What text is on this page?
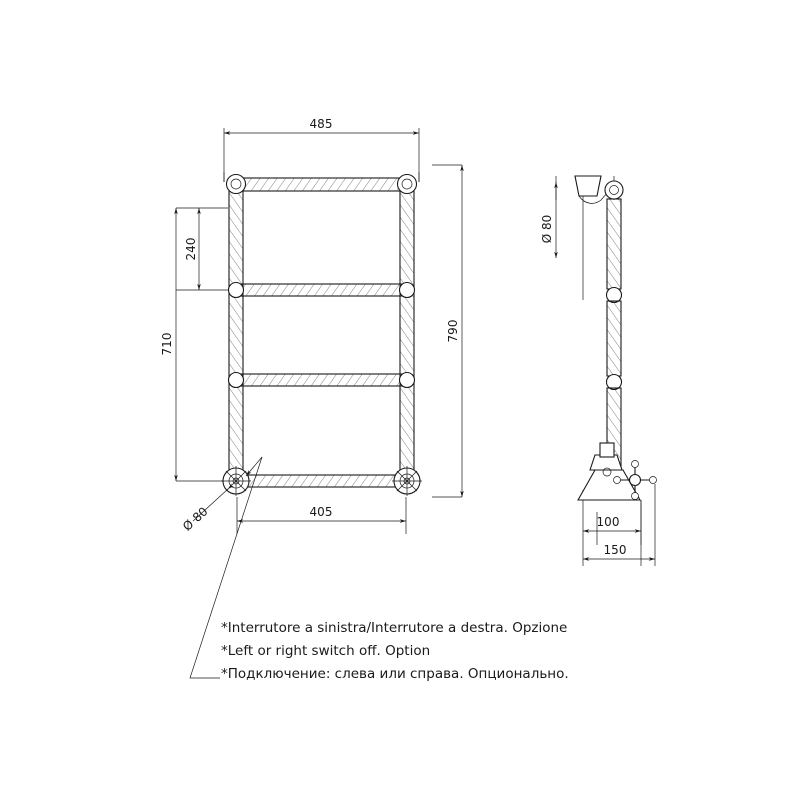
485
240
710
790
405
Ø 80
Ø 80
100
150
*Interrutore a sinistra/Interrutore a destra. Opzione
*Left or right switch off. Option
*Подключение: слева или справа. Опционально.
